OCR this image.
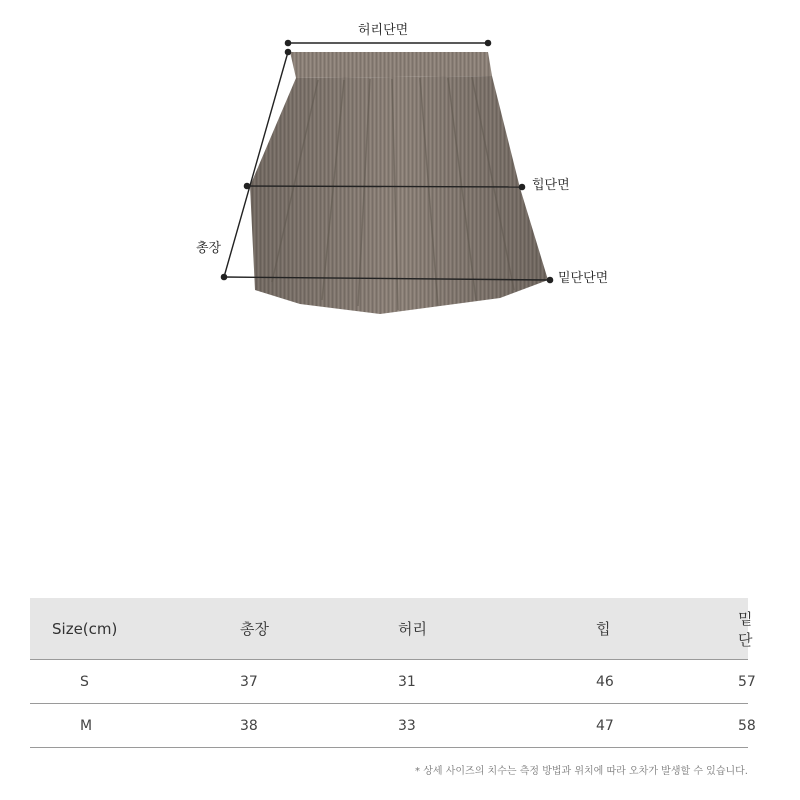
허리단면
힙단면
총장
밑단단면
Size(cm)	총장	허리	힙	밑단
S	37	31	46	57
M	38	33	47	58
* 상세 사이즈의 치수는 측정 방법과 위치에 따라 오차가 발생할 수 있습니다.
